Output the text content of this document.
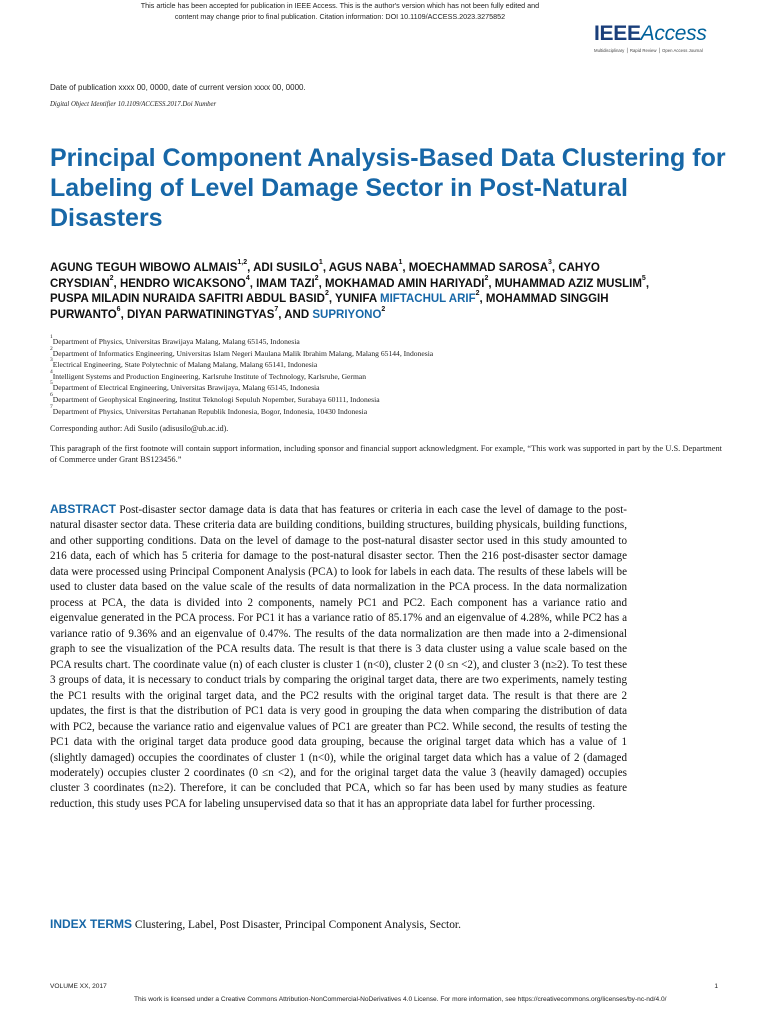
This article has been accepted for publication in IEEE Access. This is the author's version which has not been fully edited and
content may change prior to final publication. Citation information: DOI 10.1109/ACCESS.2023.3275852
IEEEAccess
Multidisciplinary ⎪ Rapid Review ⎪ Open Access Journal
Date of publication xxxx 00, 0000, date of current version xxxx 00, 0000.
Digital Object Identifier 10.1109/ACCESS.2017.Doi Number
Principal Component Analysis-Based Data Clustering for Labeling of Level Damage Sector in Post-Natural Disasters

AGUNG TEGUH WIBOWO ALMAIS$^{1,2}$, ADI SUSILO$^1$, AGUS NABA$^1$, MOECHAMMAD SAROSA$^3$, CAHYO CRYSDIAN$^2$, HENDRO WICAKSONO$^4$, IMAM TAZI$^2$, MOKHAMAD AMIN HARIYADI$^2$, MUHAMMAD AZIZ MUSLIM$^5$, PUSPA MILADIN NURAIDA SAFITRI ABDUL BASID$^2$, YUNIFA MIFTACHUL ARIF$^2$, MOHAMMAD SINGGIH PURWANTO$^6$, DIYAN PARWATININGTYAS$^7$, AND SUPRIYONO$^2$

$^1$Department of Physics, Universitas Brawijaya Malang, Malang 65145, Indonesia
$^2$Department of Informatics Engineering, Universitas Islam Negeri Maulana Malik Ibrahim Malang, Malang 65144, Indonesia
$^3$Electrical Engineering, State Polytechnic of Malang Malang, Malang 65141, Indonesia
$^4$Intelligent Systems and Production Engineering, Karlsruhe Institute of Technology, Karlsruhe, German
$^5$Department of Electrical Engineering, Universitas Brawijaya, Malang 65145, Indonesia
$^6$Department of Geophysical Engineering, Institut Teknologi Sepuluh Nopember, Surabaya 60111, Indonesia
$^7$Department of Physics, Universitas Pertahanan Republik Indonesia, Bogor, Indonesia, 10430 Indonesia
Corresponding author: Adi Susilo (adisusilo@ub.ac.id).
This paragraph of the first footnote will contain support information, including sponsor and financial support acknowledgment. For example, “This work was supported in part by the U.S. Department of Commerce under Grant BS123456.”

ABSTRACT Post-disaster sector damage data is data that has features or criteria in each case the level of damage to the post-natural disaster sector data. These criteria data are building conditions, building structures, building physicals, building functions, and other supporting conditions. Data on the level of damage to the post-natural disaster sector used in this study amounted to 216 data, each of which has 5 criteria for damage to the post-natural disaster sector. Then the 216 post-disaster sector damage data were processed using Principal Component Analysis (PCA) to look for labels in each data. The results of these labels will be used to cluster data based on the value scale of the results of data normalization in the PCA process. In the data normalization process at PCA, the data is divided into 2 components, namely PC1 and PC2. Each component has a variance ratio and eigenvalue generated in the PCA process. For PC1 it has a variance ratio of 85.17% and an eigenvalue of 4.28%, while PC2 has a variance ratio of 9.36% and an eigenvalue of 0.47%. The results of the data normalization are then made into a 2-dimensional graph to see the visualization of the PCA results data. The result is that there is 3 data cluster using a value scale based on the PCA results chart. The coordinate value (n) of each cluster is cluster 1 (n<0), cluster 2 (0 ≤n <2), and cluster 3 (n≥2). To test these 3 groups of data, it is necessary to conduct trials by comparing the original target data, there are two experiments, namely testing the PC1 results with the original target data, and the PC2 results with the original target data. The result is that there are 2 updates, the first is that the distribution of PC1 data is very good in grouping the data when comparing the distribution of data with PC2, because the variance ratio and eigenvalue values of PC1 are greater than PC2. While second, the results of testing the PC1 data with the original target data produce good data grouping, because the original target data which has a value of 1 (slightly damaged) occupies the coordinates of cluster 1 (n<0), while the original target data which has a value of 2 (damaged moderately) occupies cluster 2 coordinates (0 ≤n <2), and for the original target data the value 3 (heavily damaged) occupies cluster 3 coordinates (n≥2). Therefore, it can be concluded that PCA, which so far has been used by many studies as feature reduction, this study uses PCA for labeling unsupervised data so that it has an appropriate data label for further processing.

INDEX TERMS Clustering, Label, Post Disaster, Principal Component Analysis, Sector.

VOLUME XX, 2017	1
This work is licensed under a Creative Commons Attribution-NonCommercial-NoDerivatives 4.0 License. For more information, see https://creativecommons.org/licenses/by-nc-nd/4.0/
